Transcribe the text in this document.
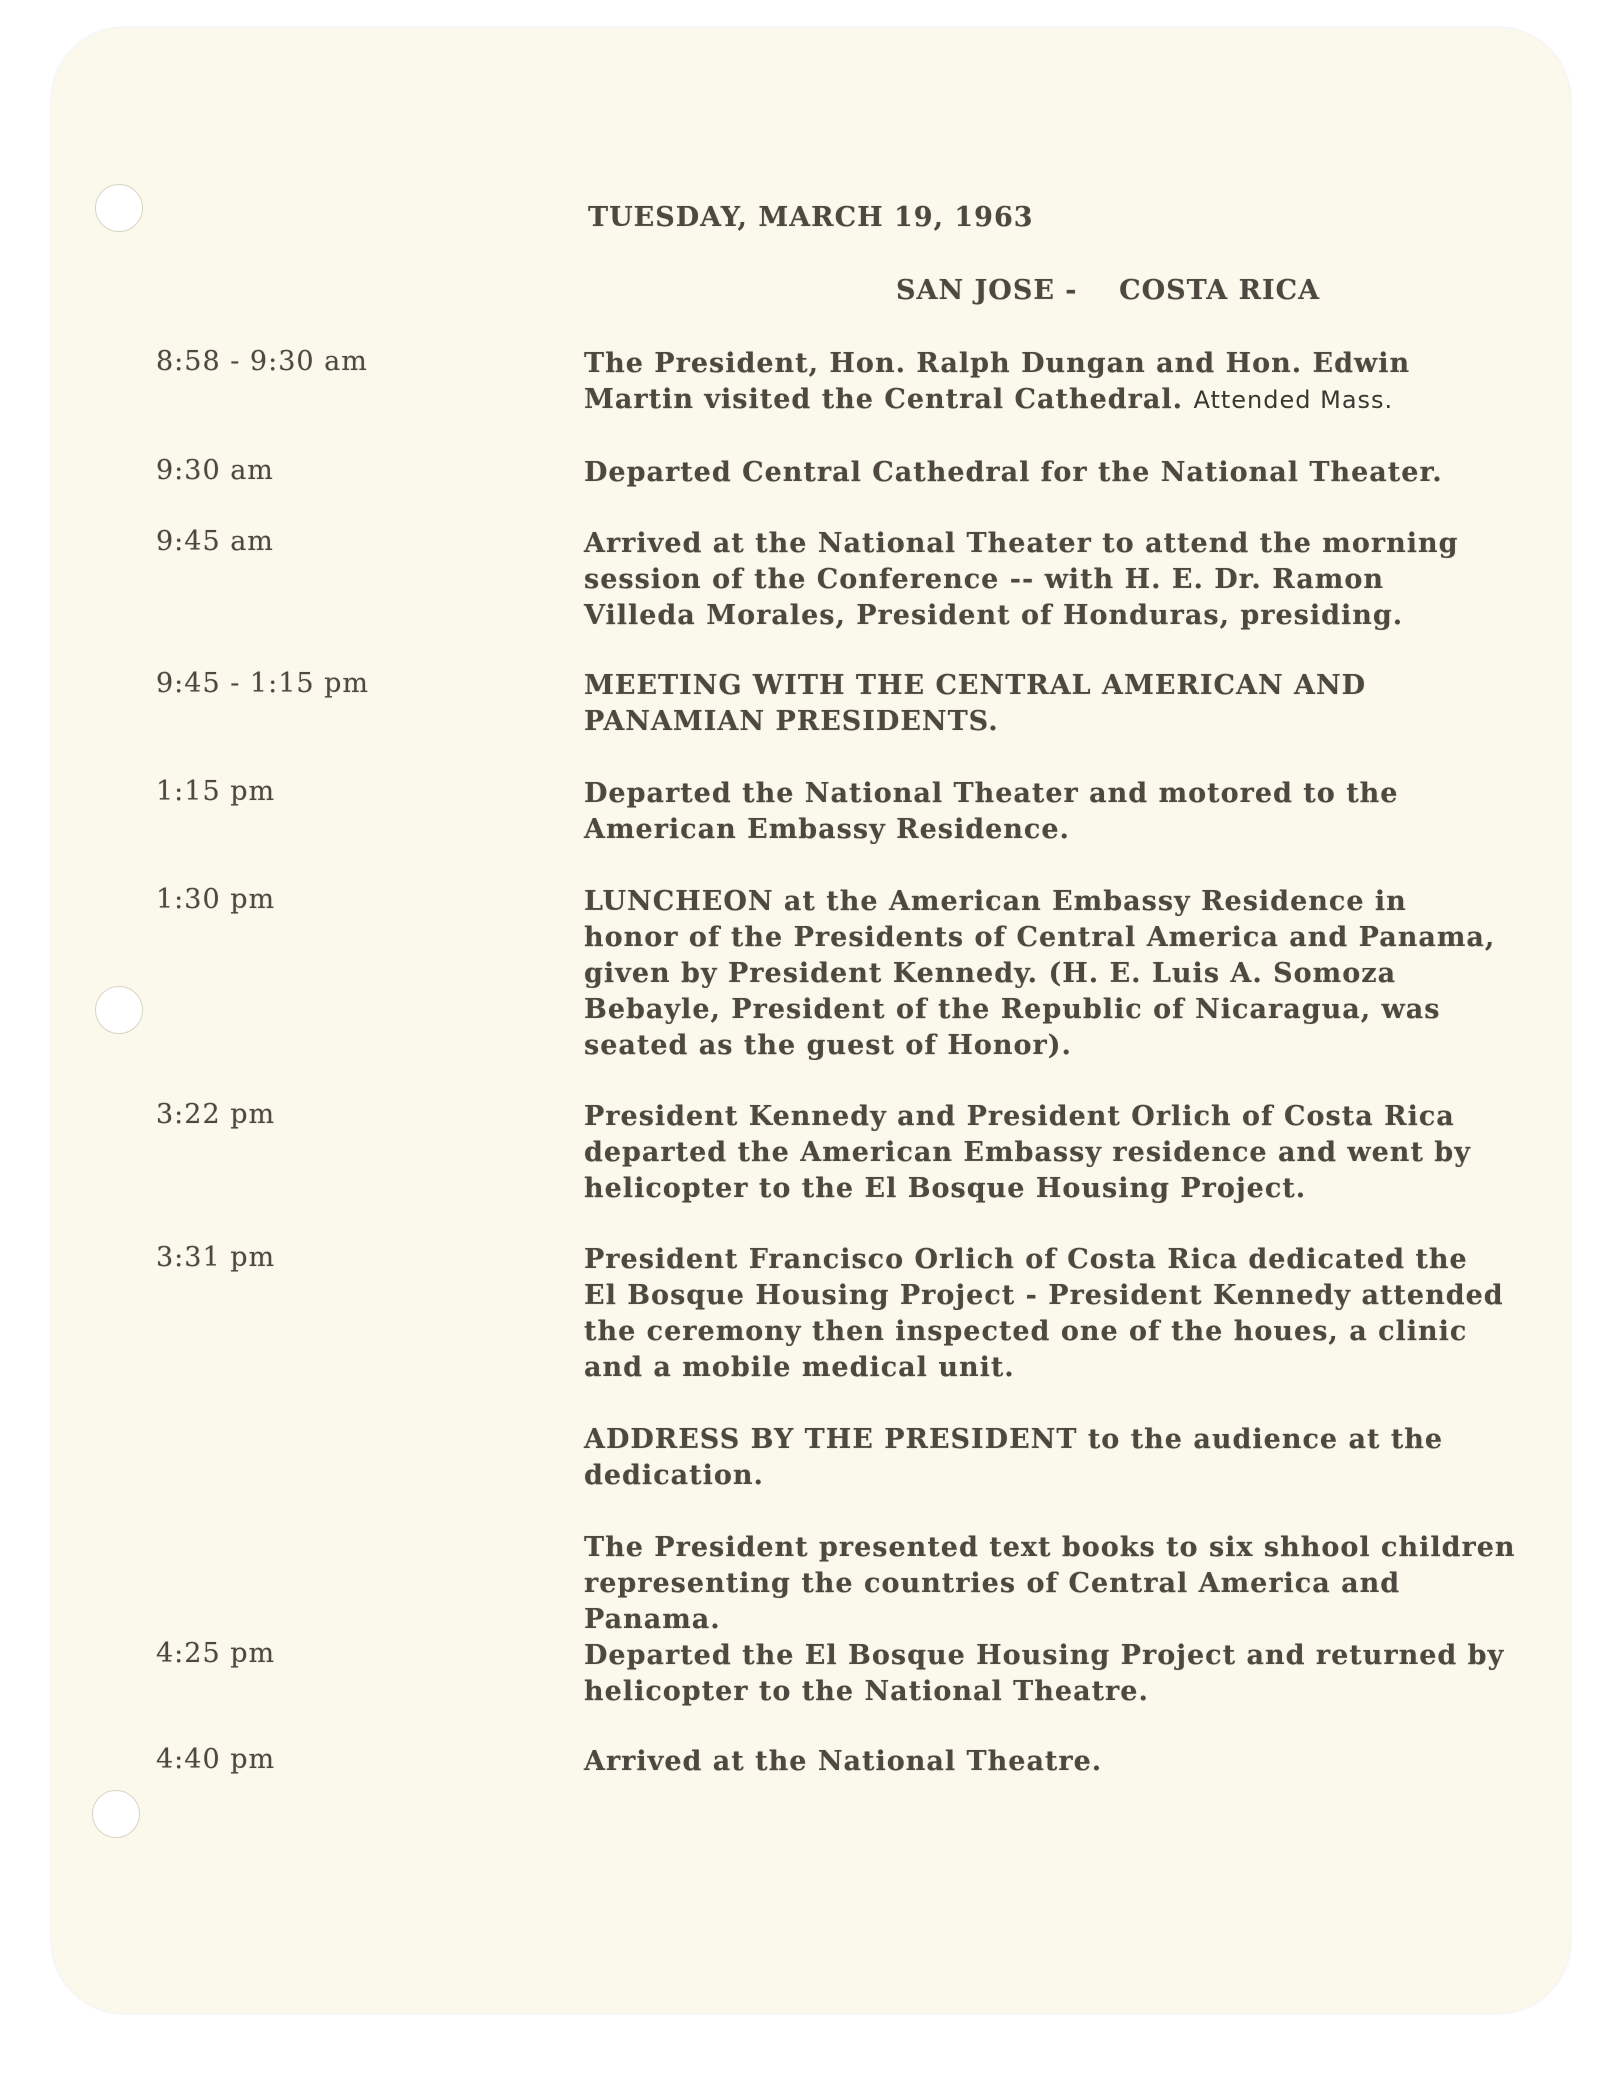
TUESDAY, MARCH 19, 1963
SAN JOSE -    COSTA RICA
8:58 - 9:30 am	The President, Hon. Ralph Dungan and Hon. Edwin
Martin visited the Central Cathedral. Attended Mass.
9:30 am	Departed Central Cathedral for the National Theater.
9:45 am	Arrived at the National Theater to attend the morning
session of the Conference -- with H. E. Dr. Ramon
Villeda Morales, President of Honduras, presiding.
9:45 - 1:15 pm	MEETING WITH THE CENTRAL AMERICAN AND
PANAMIAN PRESIDENTS.
1:15 pm	Departed the National Theater and motored to the
American Embassy Residence.
1:30 pm	LUNCHEON at the American Embassy Residence in
honor of the Presidents of Central America and Panama,
given by President Kennedy. (H. E. Luis A. Somoza
Bebayle, President of the Republic of Nicaragua, was
seated as the guest of Honor).
3:22 pm	President Kennedy and President Orlich of Costa Rica
departed the American Embassy residence and went by
helicopter to the El Bosque Housing Project.
3:31 pm	President Francisco Orlich of Costa Rica dedicated the
El Bosque Housing Project - President Kennedy attended
the ceremony then inspected one of the houes, a clinic
and a mobile medical unit.
ADDRESS BY THE PRESIDENT to the audience at the
dedication.
The President presented text books to six shhool children
representing the countries of Central America and Panama.
4:25 pm	Departed the El Bosque Housing Project and returned by
helicopter to the National Theatre.
4:40 pm	Arrived at the National Theatre.
